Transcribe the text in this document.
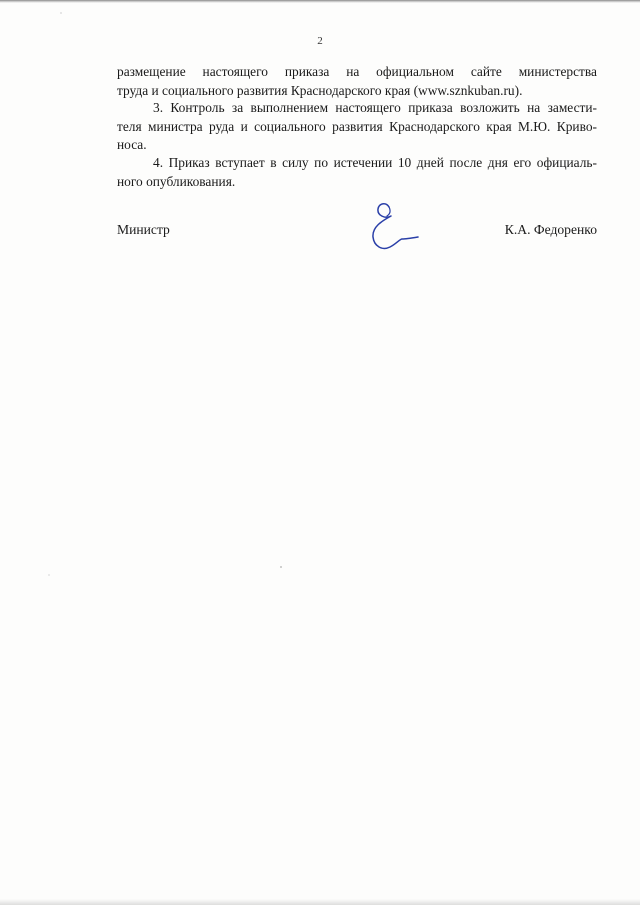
2
размещение настоящего приказа на официальном сайте министерства
труда и социального развития Краснодарского края (www.sznkuban.ru).
3. Контроль за выполнением настоящего приказа возложить на замести-
теля министра руда и социального развития Краснодарского края М.Ю. Криво-
носа.
4. Приказ вступает в силу по истечении 10 дней после дня его официаль-
ного опубликования.
Министр	К.А. Федоренко
